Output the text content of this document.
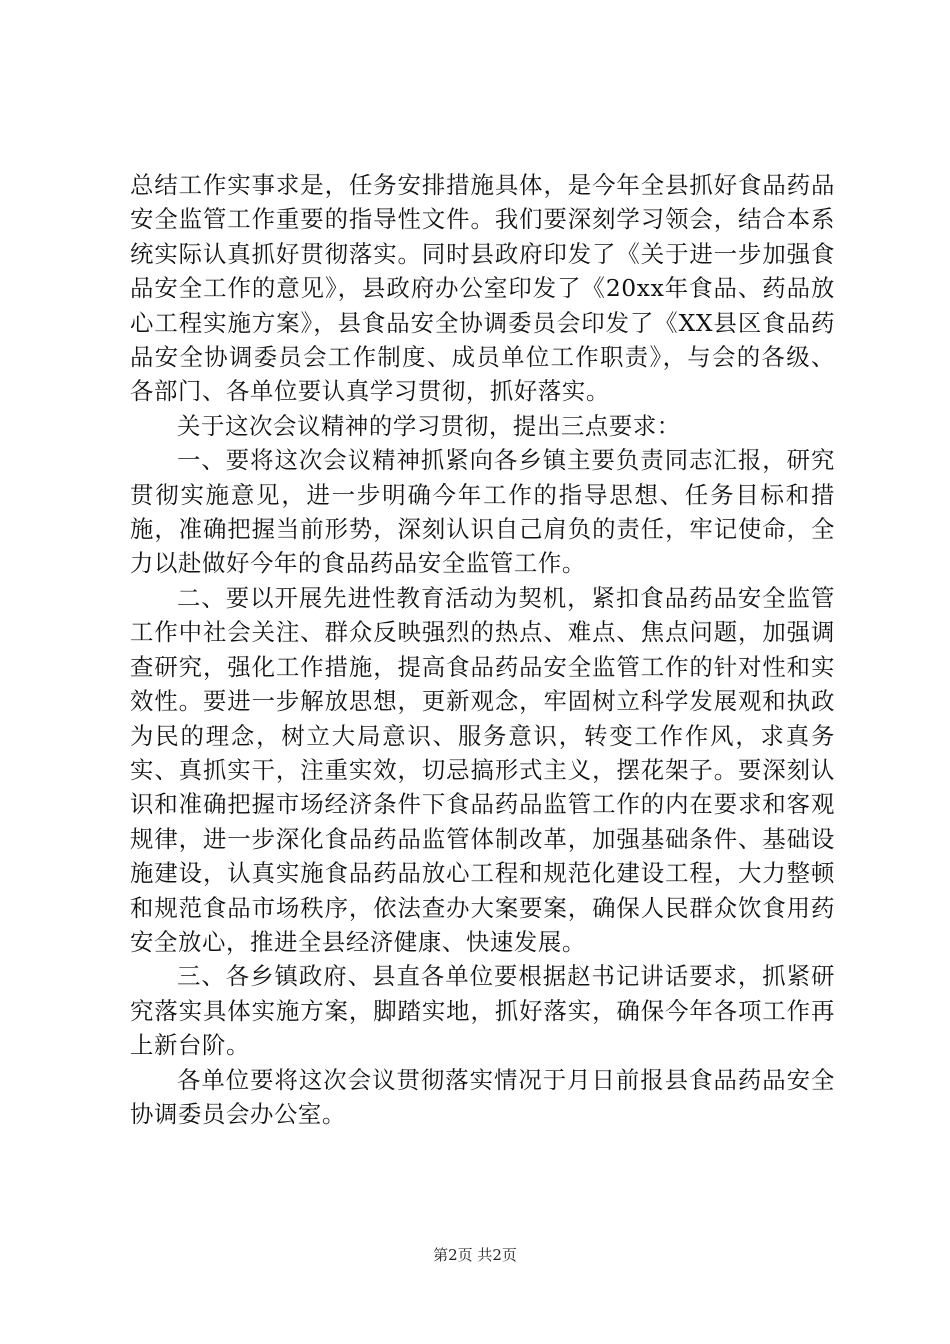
总结工作实事求是，任务安排措施具体，是今年全县抓好食品药品安全监管工作重要的指导性文件。我们要深刻学习领会，结合本系统实际认真抓好贯彻落实。同时县政府印发了《关于进一步加强食品安全工作的意见》，县政府办公室印发了《20xx年食品、药品放心工程实施方案》，县食品安全协调委员会印发了《XX县区食品药品安全协调委员会工作制度、成员单位工作职责》，与会的各级、各部门、各单位要认真学习贯彻，抓好落实。

关于这次会议精神的学习贯彻，提出三点要求：

一、要将这次会议精神抓紧向各乡镇主要负责同志汇报，研究贯彻实施意见，进一步明确今年工作的指导思想、任务目标和措施，准确把握当前形势，深刻认识自己肩负的责任，牢记使命，全力以赴做好今年的食品药品安全监管工作。

二、要以开展先进性教育活动为契机，紧扣食品药品安全监管工作中社会关注、群众反映强烈的热点、难点、焦点问题，加强调查研究，强化工作措施，提高食品药品安全监管工作的针对性和实效性。要进一步解放思想，更新观念，牢固树立科学发展观和执政为民的理念，树立大局意识、服务意识，转变工作作风，求真务实、真抓实干，注重实效，切忌搞形式主义，摆花架子。要深刻认识和准确把握市场经济条件下食品药品监管工作的内在要求和客观规律，进一步深化食品药品监管体制改革，加强基础条件、基础设施建设，认真实施食品药品放心工程和规范化建设工程，大力整顿和规范食品市场秩序，依法查办大案要案，确保人民群众饮食用药安全放心，推进全县经济健康、快速发展。

三、各乡镇政府、县直各单位要根据赵书记讲话要求，抓紧研究落实具体实施方案，脚踏实地，抓好落实，确保今年各项工作再上新台阶。

各单位要将这次会议贯彻落实情况于月日前报县食品药品安全协调委员会办公室。

第2页 共2页
